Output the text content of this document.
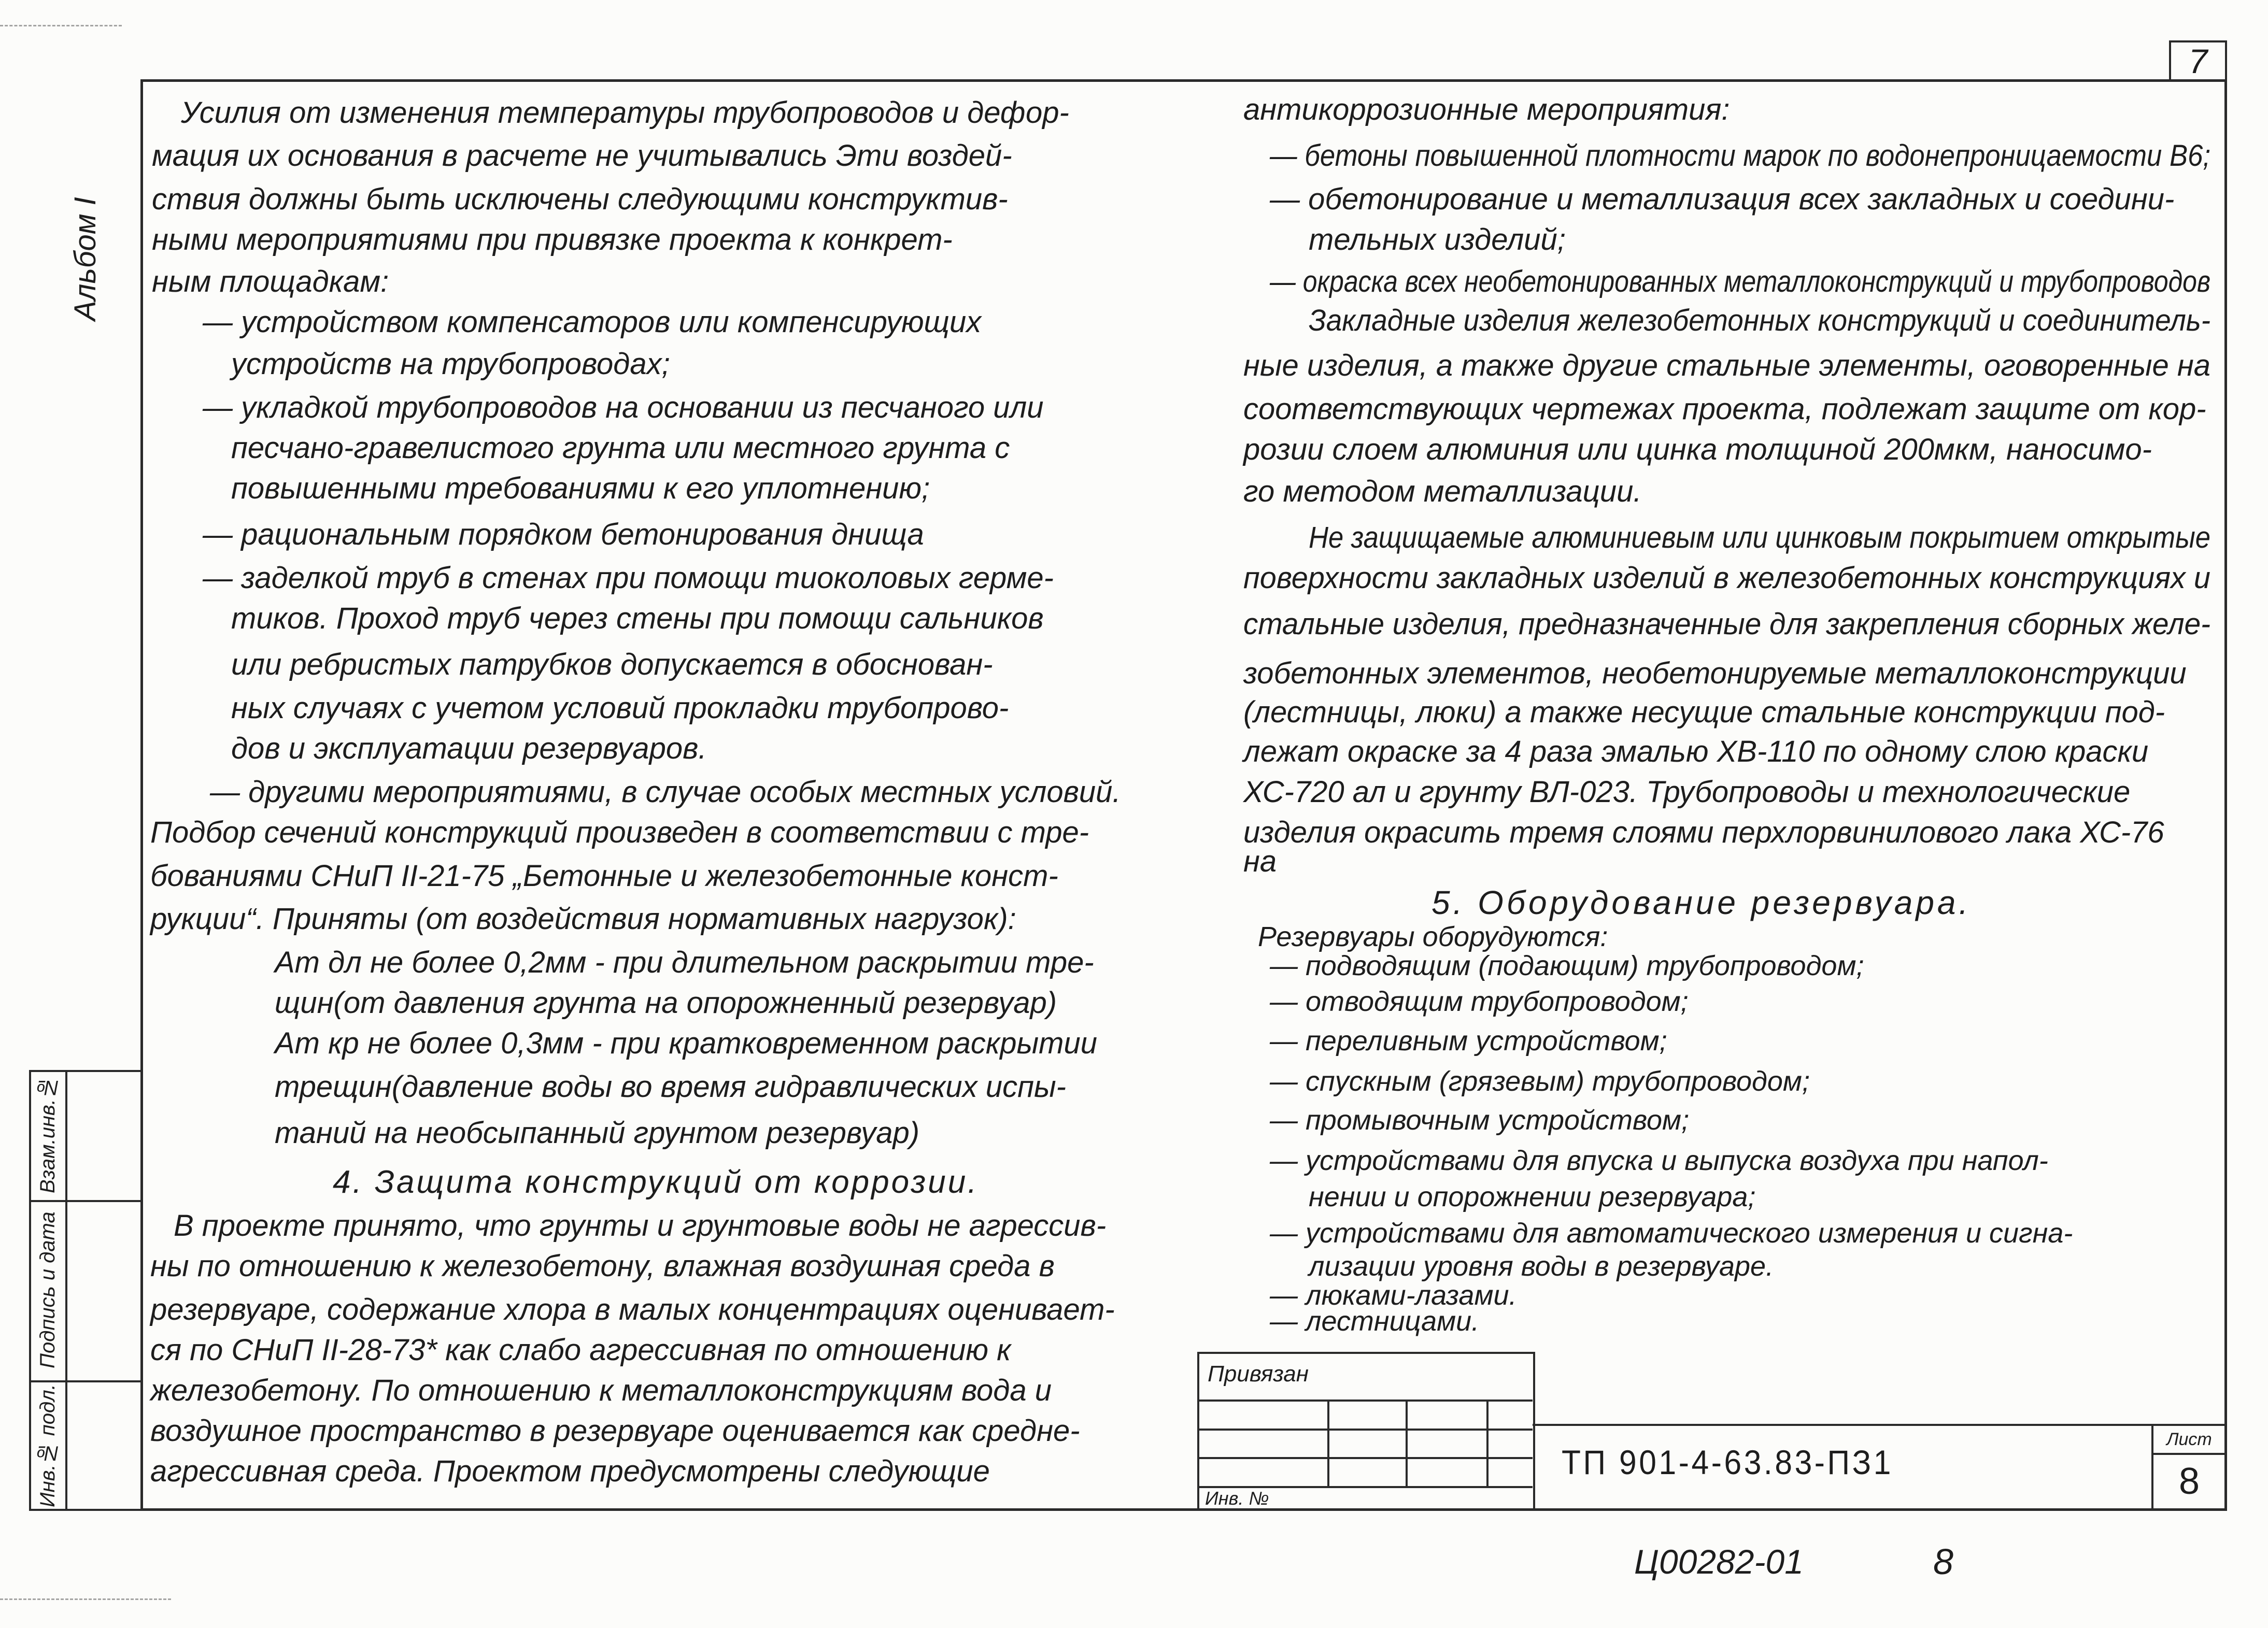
7
Альбом I
Взам.инв.№
Подпись и дата
Инв.№ подл.
Усилия от изменения температуры трубопроводов и дефор-
мация их основания в расчете не учитывались Эти воздей-
ствия должны быть исключены следующими конструктив-
ными мероприятиями при привязке проекта к конкрет-
ным площадкам:
— устройством компенсаторов или компенсирующих
устройств на трубопроводах;
— укладкой трубопроводов на основании из песчаного или
песчано-гравелистого грунта или местного грунта с
повышенными требованиями к его уплотнению;
— рациональным порядком бетонирования днища
— заделкой труб в стенах при помощи тиоколовых герме-
тиков. Проход труб через стены при помощи сальников
или ребристых патрубков допускается в обоснован-
ных случаях с учетом условий прокладки трубопрово-
дов и эксплуатации резервуаров.
— другими мероприятиями, в случае особых местных условий.
Подбор сечений конструкций произведен в соответствии с тре-
бованиями СНиП II-21-75 „Бетонные и железобетонные конст-
рукции“. Приняты (от воздействия нормативных нагрузок):
Ат дл не более 0,2мм - при длительном раскрытии тре-
щин(от давления грунта на опорожненный резервуар)
Ат кр не более 0,3мм - при кратковременном раскрытии
трещин(давление воды во время гидравлических испы-
таний на необсыпанный грунтом резервуар)
4. Защита конструкций от коррозии.
В проекте принято, что грунты и грунтовые воды не агрессив-
ны по отношению к железобетону, влажная воздушная среда в
резервуаре, содержание хлора в малых концентрациях оценивает-
ся по СНиП II-28-73* как слабо агрессивная по отношению к
железобетону. По отношению к металлоконструкциям вода и
воздушное пространство в резервуаре оценивается как средне-
агрессивная среда. Проектом предусмотрены следующие
антикоррозионные мероприятия:
— бетоны повышенной плотности марок по водонепроницаемости В6;
— обетонирование и металлизация всех закладных и соедини-
тельных изделий;
— окраска всех необетонированных металлоконструкций и трубопроводов
Закладные изделия железобетонных конструкций и соединитель-
ные изделия, а также другие стальные элементы, оговоренные на
соответствующих чертежах проекта, подлежат защите от кор-
розии слоем алюминия или цинка толщиной 200мкм, наносимо-
го методом металлизации.
Не защищаемые алюминиевым или цинковым покрытием открытые
поверхности закладных изделий в железобетонных конструкциях и
стальные изделия, предназначенные для закрепления сборных желе-
зобетонных элементов, необетонируемые металлоконструкции
(лестницы, люки) а также несущие стальные конструкции под-
лежат окраске за 4 раза эмалью ХВ-110 по одному слою краски
ХС-720 ал и грунту ВЛ-023. Трубопроводы и технологические
изделия окрасить тремя слоями перхлорвинилового лака ХС-76
на
5. Оборудование резервуара.
Резервуары оборудуются:
— подводящим (подающим) трубопроводом;
— отводящим трубопроводом;
— переливным устройством;
— спускным (грязевым) трубопроводом;
— промывочным устройством;
— устройствами для впуска и выпуска воздуха при напол-
нении и опорожнении резервуара;
— устройствами для автоматического измерения и сигна-
лизации уровня воды в резервуаре.
— люками-лазами.
— лестницами.
Привязан
Инв. №
ТП 901-4-63.83-ПЗ1
Лист
8
Ц00282-01	8
